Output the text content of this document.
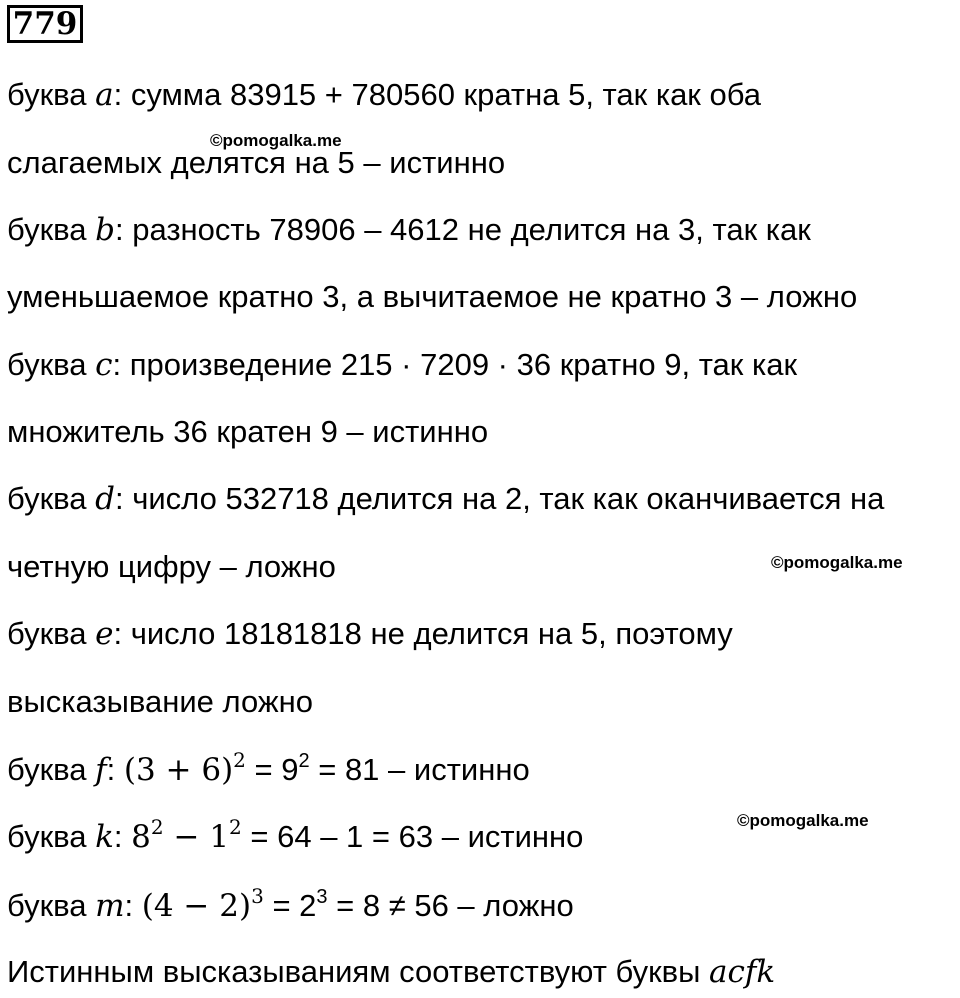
779
буква a: сумма 83915 + 780560 кратна 5, так как оба
©pomogalka.me
слагаемых делятся на 5 – истинно
буква b: разность 78906 – 4612 не делится на 3, так как
уменьшаемое кратно 3, а вычитаемое не кратно 3 – ложно
буква c: произведение 215 · 7209 · 36 кратно 9, так как
множитель 36 кратен 9 – истинно
буква d: число 532718 делится на 2, так как оканчивается на
четную цифру – ложно	©pomogalka.me
буква e: число 18181818 не делится на 5, поэтому
высказывание ложно
буква f: $(3 + 6)^2 = 9^2 = 81$ – истинно
буква k: $8^2 - 1^2 = 64 - 1 = 63$ – истинно	©pomogalka.me
буква m: $(4 - 2)^3 = 2^3 = 8 \ne 56$ – ложно
Истинным высказываниям соответствуют буквы acfk
